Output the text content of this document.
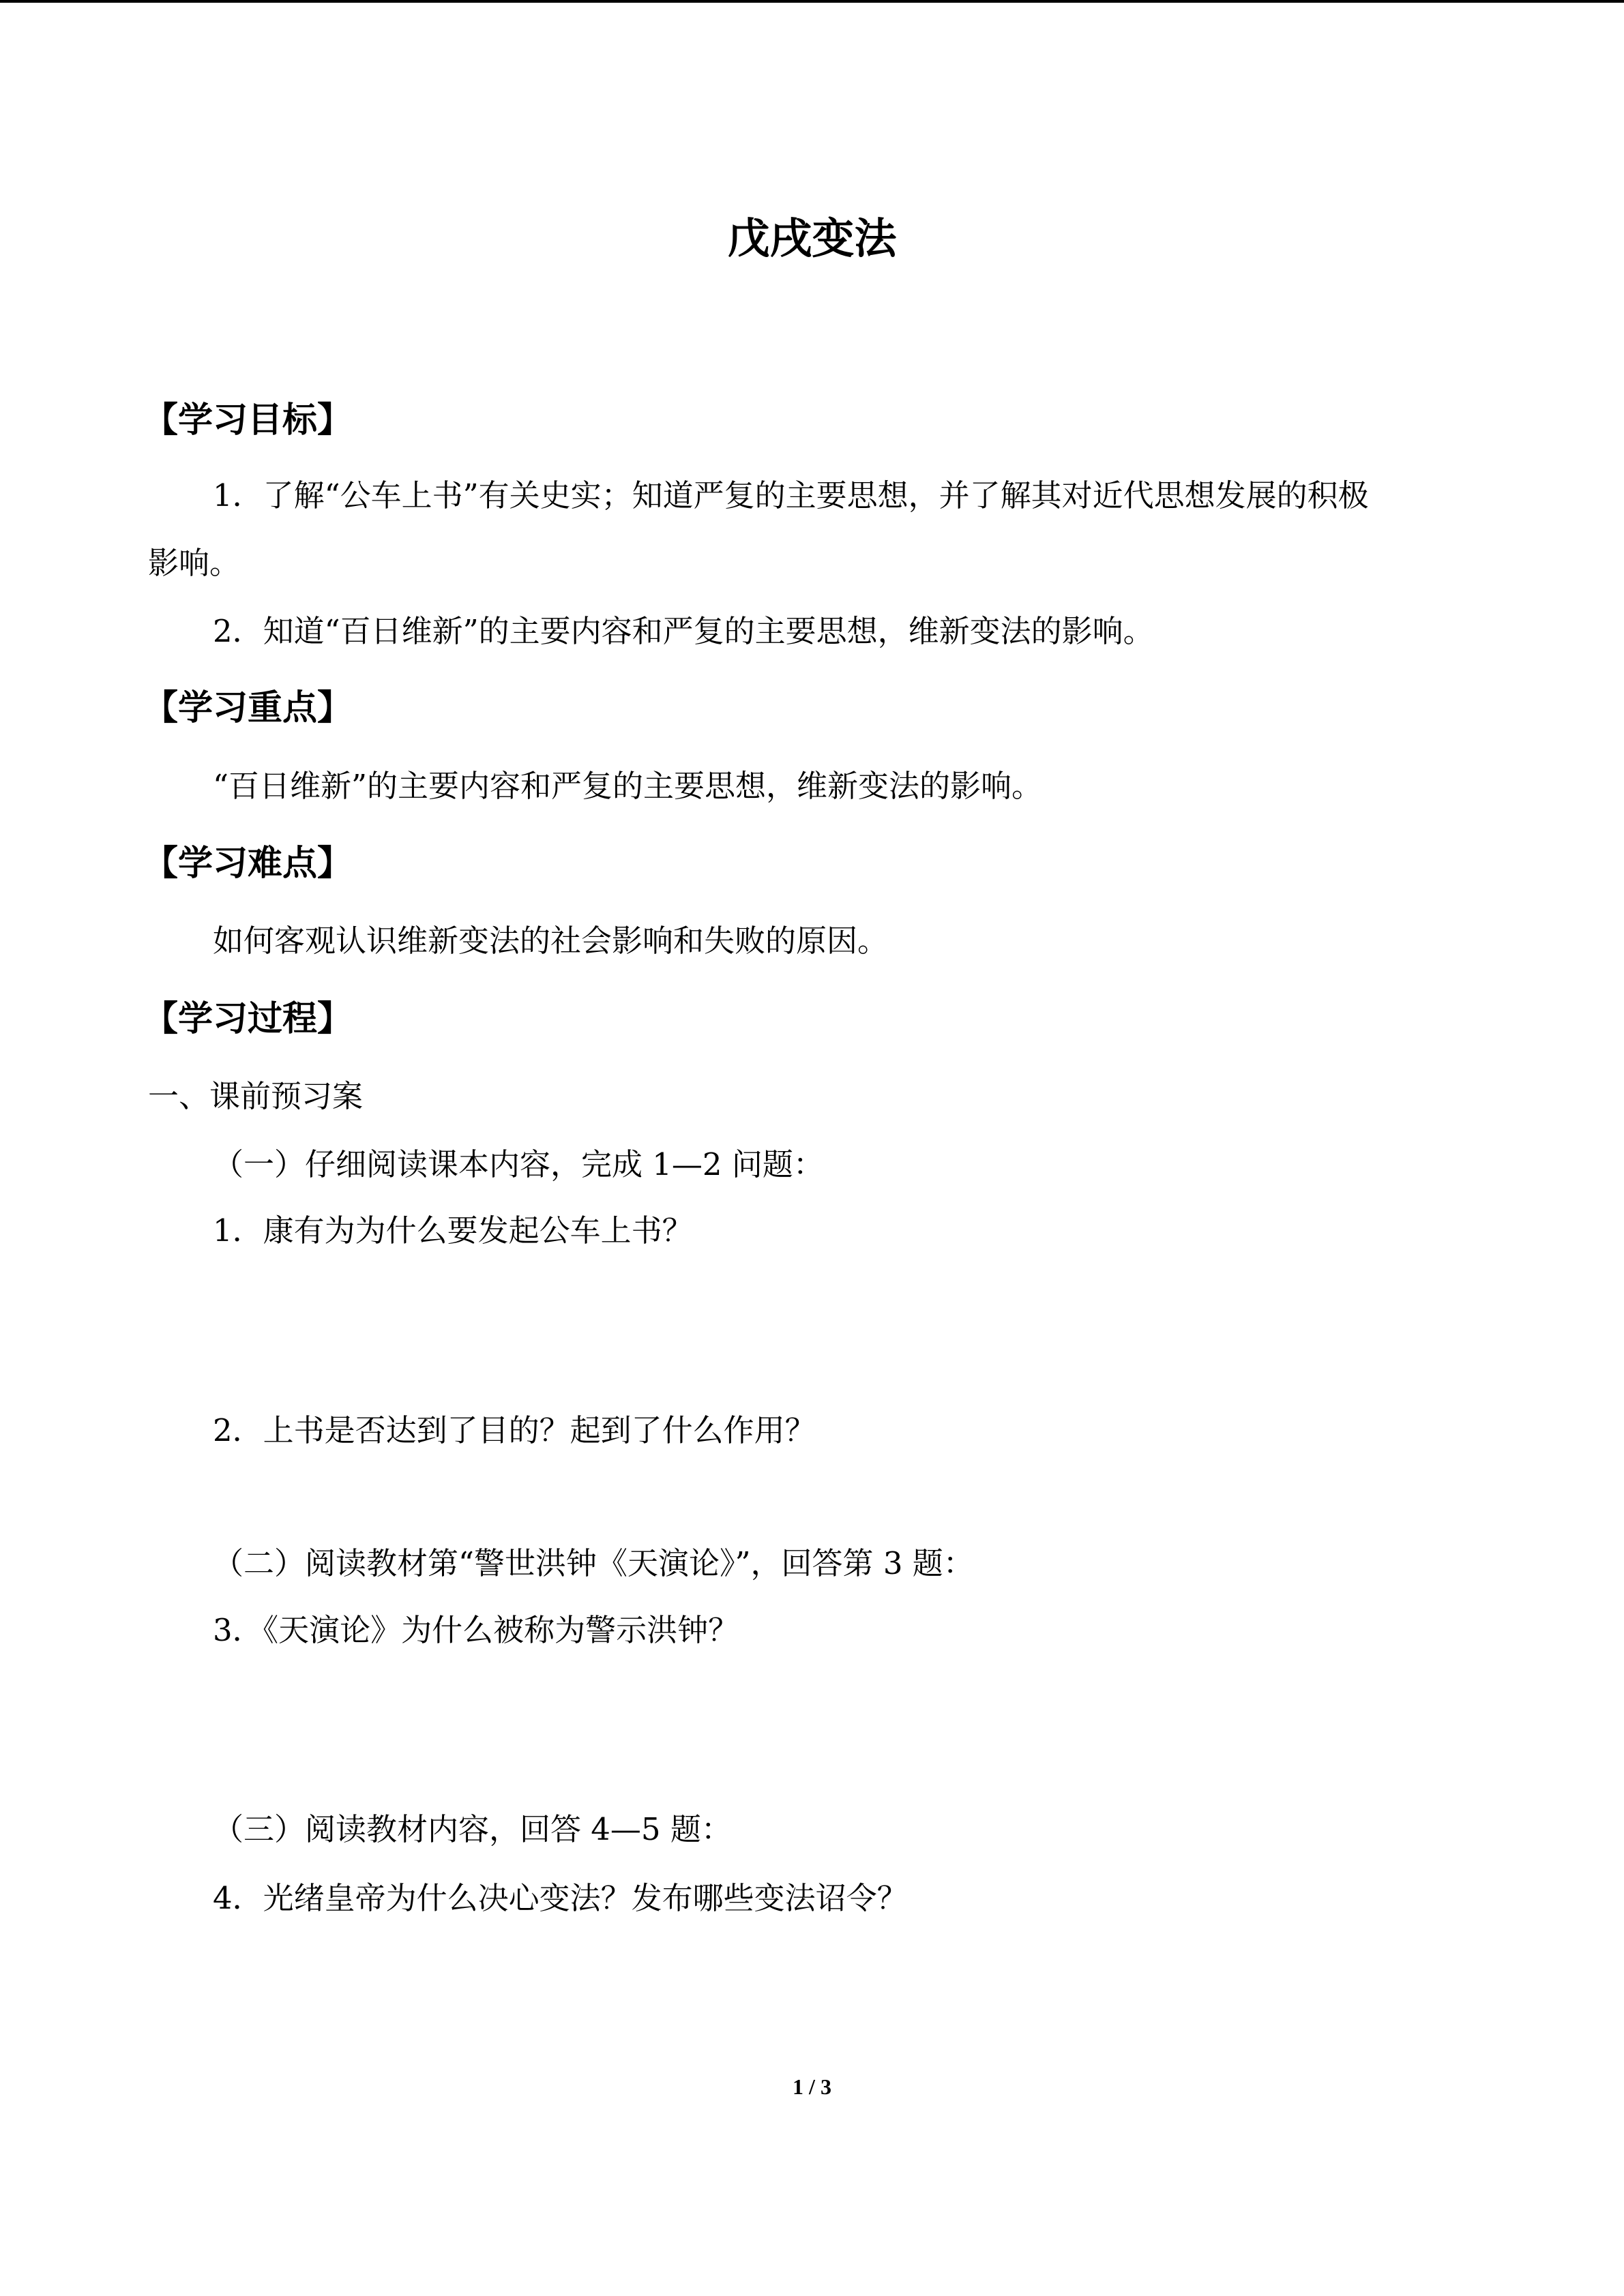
戊戌变法
【学习目标】

1．了解“公车上书”有关史实；知道严复的主要思想，并了解其对近代思想发展的积极

影响。

2．知道“百日维新”的主要内容和严复的主要思想，维新变法的影响。

【学习重点】

“百日维新”的主要内容和严复的主要思想，维新变法的影响。

【学习难点】

如何客观认识维新变法的社会影响和失败的原因。

【学习过程】

一、课前预习案

（一）仔细阅读课本内容，完成 1—2 问题：

1．康有为为什么要发起公车上书？

2．上书是否达到了目的？起到了什么作用？

（二）阅读教材第“警世洪钟《天演论》”，回答第 3 题：

3．《天演论》为什么被称为警示洪钟？

（三）阅读教材内容，回答 4—5 题：

4．光绪皇帝为什么决心变法？发布哪些变法诏令？

1 / 3
